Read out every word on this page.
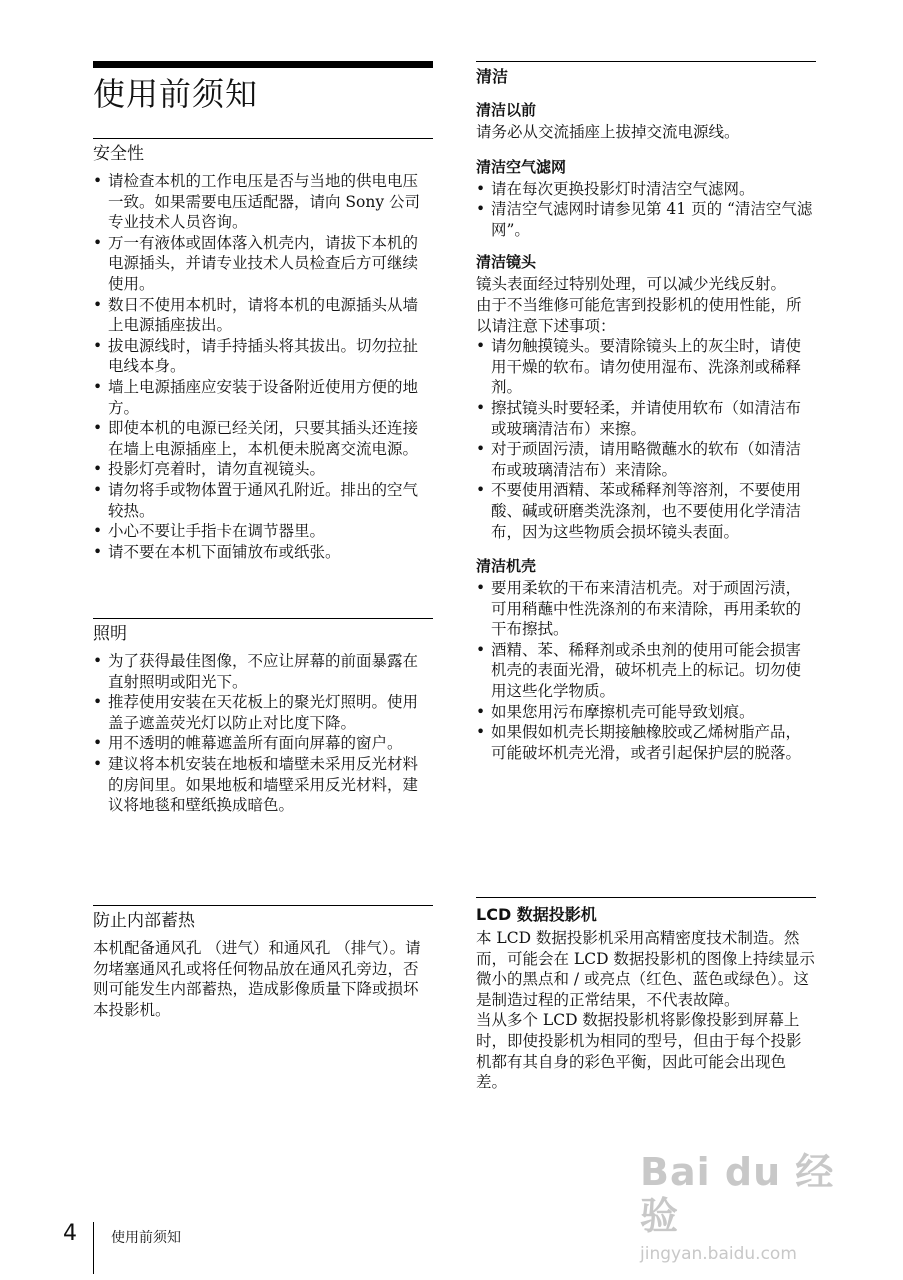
使用前须知
安全性
• 请检查本机的工作电压是否与当地的供电电压一致。如果需要电压适配器，请向 Sony 公司专业技术人员咨询。
• 万一有液体或固体落入机壳内，请拔下本机的电源插头，并请专业技术人员检查后方可继续使用。
• 数日不使用本机时，请将本机的电源插头从墙上电源插座拔出。
• 拔电源线时，请手持插头将其拔出。切勿拉扯电线本身。
• 墙上电源插座应安装于设备附近使用方便的地方。
• 即使本机的电源已经关闭，只要其插头还连接在墙上电源插座上，本机便未脱离交流电源。
• 投影灯亮着时，请勿直视镜头。
• 请勿将手或物体置于通风孔附近。排出的空气较热。
• 小心不要让手指卡在调节器里。
• 请不要在本机下面铺放布或纸张。
照明
• 为了获得最佳图像，不应让屏幕的前面暴露在直射照明或阳光下。
• 推荐使用安装在天花板上的聚光灯照明。使用盖子遮盖荧光灯以防止对比度下降。
• 用不透明的帷幕遮盖所有面向屏幕的窗户。
• 建议将本机安装在地板和墙壁未采用反光材料的房间里。如果地板和墙壁采用反光材料，建议将地毯和壁纸换成暗色。
防止内部蓄热

本机配备通风孔 （进气）和通风孔 （排气）。请勿堵塞通风孔或将任何物品放在通风孔旁边，否则可能发生内部蓄热，造成影像质量下降或损坏本投影机。

清洁
清洁以前

请务必从交流插座上拔掉交流电源线。

清洁空气滤网
• 请在每次更换投影灯时清洁空气滤网。
• 清洁空气滤网时请参见第 41 页的 “清洁空气滤网”。
清洁镜头

镜头表面经过特别处理，可以减少光线反射。

由于不当维修可能危害到投影机的使用性能，所以请注意下述事项：

• 请勿触摸镜头。要清除镜头上的灰尘时，请使用干燥的软布。请勿使用湿布、洗涤剂或稀释剂。
• 擦拭镜头时要轻柔，并请使用软布（如清洁布或玻璃清洁布）来擦。
• 对于顽固污渍，请用略微蘸水的软布（如清洁布或玻璃清洁布）来清除。
• 不要使用酒精、苯或稀释剂等溶剂，不要使用酸、碱或研磨类洗涤剂，也不要使用化学清洁布，因为这些物质会损坏镜头表面。
清洁机壳
• 要用柔软的干布来清洁机壳。对于顽固污渍，可用稍蘸中性洗涤剂的布来清除，再用柔软的干布擦拭。
• 酒精、苯、稀释剂或杀虫剂的使用可能会损害机壳的表面光滑，破坏机壳上的标记。切勿使用这些化学物质。
• 如果您用污布摩擦机壳可能导致划痕。
• 如果假如机壳长期接触橡胶或乙烯树脂产品，可能破坏机壳光滑，或者引起保护层的脱落。
LCD 数据投影机

本 LCD 数据投影机采用高精密度技术制造。然而，可能会在 LCD 数据投影机的图像上持续显示微小的黑点和 / 或亮点（红色、蓝色或绿色）。这是制造过程的正常结果，不代表故障。

当从多个 LCD 数据投影机将影像投影到屏幕上时，即使投影机为相同的型号，但由于每个投影机都有其自身的彩色平衡，因此可能会出现色差。

4 使用前须知
Bai du 经验
jingyan.baidu.com
